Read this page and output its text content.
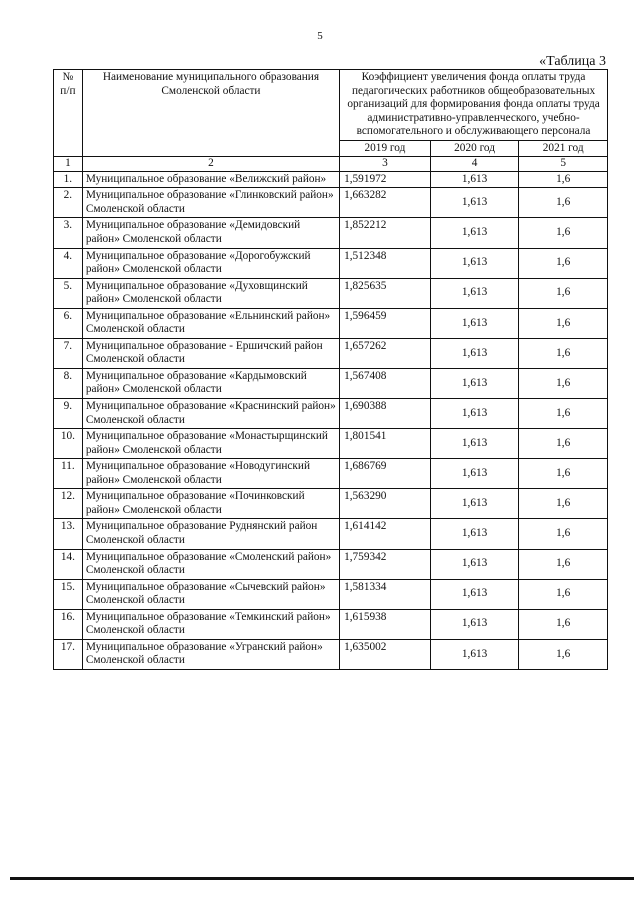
5
«Таблица 3
№ п/п	Наименование муниципального образования Смоленской области	Коэффициент увеличения фонда оплаты труда педагогических работников общеобразовательных организаций для формирования фонда оплаты труда административно-управленческого, учебно-вспомогательного и обслуживающего персонала		
		2019 год	2020 год	2021 год
1	2	3	4	5
1.	Муниципальное образование «Велижский район»	1,591972	1,613	1,6
2.	Муниципальное образование «Глинковский район» Смоленской области	1,663282	1,613	1,6
3.	Муниципальное образование «Демидовский район» Смоленской области	1,852212	1,613	1,6
4.	Муниципальное образование «Дорогобужский район» Смоленской области	1,512348	1,613	1,6
5.	Муниципальное образование «Духовщинский район» Смоленской области	1,825635	1,613	1,6
6.	Муниципальное образование «Ельнинский район» Смоленской области	1,596459	1,613	1,6
7.	Муниципальное образование - Ершичский район Смоленской области	1,657262	1,613	1,6
8.	Муниципальное образование «Кардымовский район» Смоленской области	1,567408	1,613	1,6
9.	Муниципальное образование «Краснинский район» Смоленской области	1,690388	1,613	1,6
10.	Муниципальное образование «Монастырщинский район» Смоленской области	1,801541	1,613	1,6
11.	Муниципальное образование «Новодугинский район» Смоленской области	1,686769	1,613	1,6
12.	Муниципальное образование «Починковский район» Смоленской области	1,563290	1,613	1,6
13.	Муниципальное образование Руднянский район Смоленской области	1,614142	1,613	1,6
14.	Муниципальное образование «Смоленский район» Смоленской области	1,759342	1,613	1,6
15.	Муниципальное образование «Сычевский район» Смоленской области	1,581334	1,613	1,6
16.	Муниципальное образование «Темкинский район» Смоленской области	1,615938	1,613	1,6
17.	Муниципальное образование «Угранский район» Смоленской области	1,635002	1,613	1,6
